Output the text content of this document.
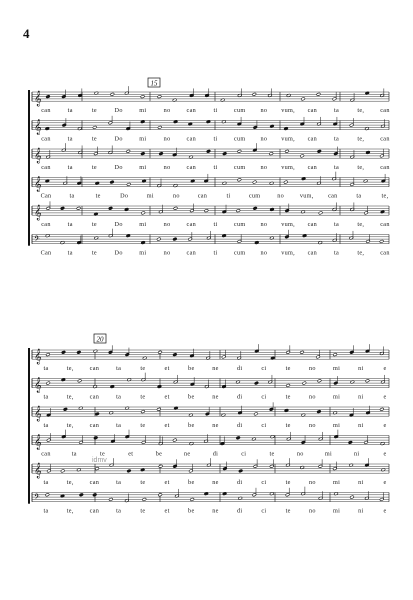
4
15
𝄞
can	ta	te	Do	mi	no	can	ti	cum no vum, can	ta	te,	can
𝄞
can	ta	te	Do	mi	no	can	ti	cum no vum, can	ta	te,	can
𝄞
can	ta	te	Do	mi	no	can	ti	cum no vum, can	ta	te,	can
𝄞
Can	ta	te	Do	mi	no	can	ti	cum	no	vum, can	ta	te,
𝄞
can	ta	te	Do	mi	no	can	ti	cum no vum, can	ta	te,	can
𝄢
Can	ta	te	Do	mi	no	can	ti	cum no vum, can	ta	te,	can
20
𝄞
ta	te,	can	ta	te	et	be	ne	di	ci	te	no	mi	ni	e
𝄞
ta	te,	can	ta	te	et	be	ne	di	ci	te	no	mi	ni	e
𝄞
ta	te,	can	ta	te	et	be	ne	di	ci	te	no	mi	ni	e
𝄞
can	ta	te	et	be	ne	di	ci	te	no	mi	ni	e
𝄞
ta	te,	can	ta	te	et	be	ne	di	ci	te	no	mi	ni	e
𝄢
ta	te,	can	ta	te	et	be	ne	di	ci	te	no	mi	ni	e
idmv
